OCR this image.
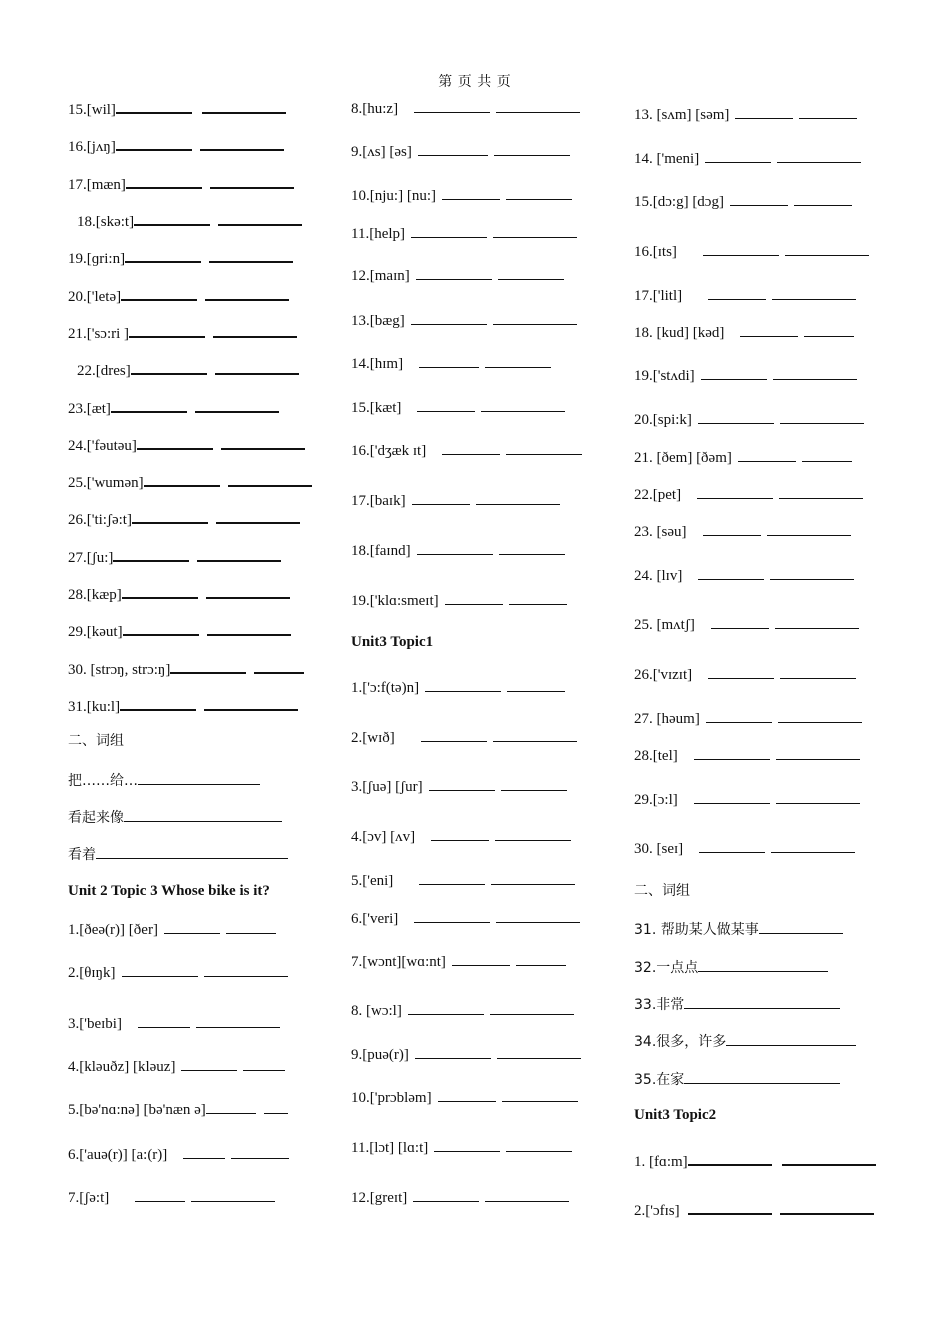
第 页 共 页
15.[wil]
16.[jʌŋ]
17.[mæn]
18.[skə:t]
19.[ɡri:n]
20.['letə]
21.['sɔ:ri ]
22.[dres]
23.[æt]
24.['fəutəu]
25.['wumən]
26.['ti:ʃə:t]
27.[ʃu:]
28.[kæp]
29.[kəut]
30. [strɔŋ, strɔ:ŋ]
31.[ku:l]
二、词组
把……给…
看起来像
看着
Unit 2 Topic 3 Whose bike is it?
1.[ðeə(r)] [ðer]
2.[θɪŋk]
3.['beɪbi]
4.[kləuðz] [kləuz]
5.[bə'nɑ:nə] [bə'næn ə]
6.['auə(r)] [a:(r)]
7.[ʃə:t]
8.[hu:z]
9.[ʌs] [əs]
10.[nju:] [nu:]
11.[help]
12.[maɪn]
13.[bæg]
14.[hɪm]
15.[kæt]
16.['dʒæk ɪt]
17.[baɪk]
18.[faɪnd]
19.['klɑ:smeɪt]
Unit3 Topic1
1.['ɔ:f(tə)n]
2.[wɪð]
3.[ʃuə] [ʃur]
4.[ɔv] [ʌv]
5.['eni]
6.['veri]
7.[wɔnt][wɑ:nt]
8. [wɔ:l]
9.[puə(r)]
10.['prɔbləm]
11.[lɔt] [lɑ:t]
12.[greɪt]
13. [sʌm] [səm]
14. ['meni]
15.[dɔ:g] [dɔg]
16.[ɪts]
17.['litl]
18. [kud] [kəd]
19.['stʌdi]
20.[spi:k]
21. [ðem] [ðəm]
22.[pet]
23. [səu]
24. [lɪv]
25. [mʌtʃ]
26.['vɪzɪt]
27. [həum]
28.[tel]
29.[ɔ:l]
30. [seɪ]
二、词组
31. 帮助某人做某事
32.一点点
33.非常
34.很多，许多
35.在家
Unit3 Topic2
1. [fɑ:m]
2.['ɔfɪs]
